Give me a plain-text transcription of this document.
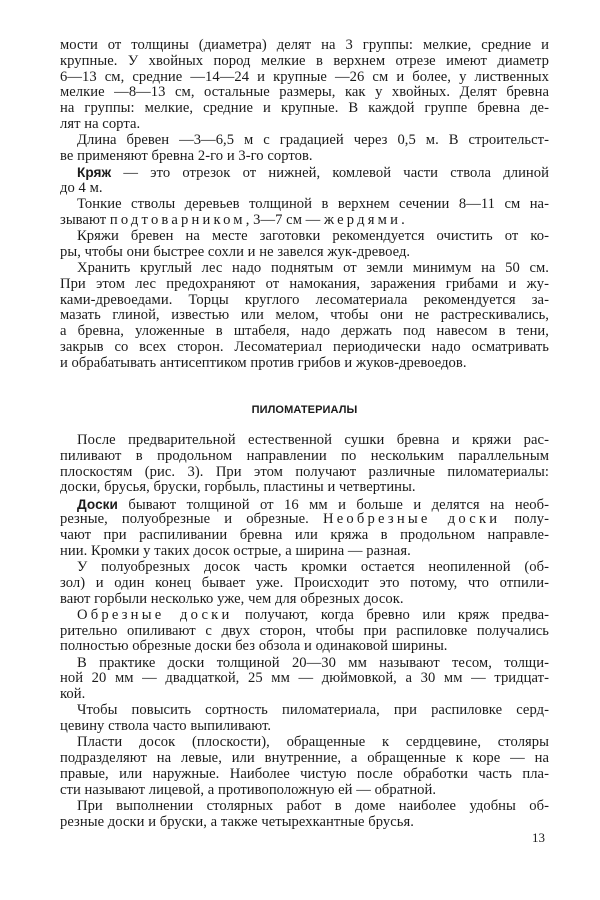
мости от толщины (диаметра) делят на 3 группы: мелкие, средние и
крупные. У хвойных пород мелкие в верхнем отрезе имеют диаметр
6—13 см, средние —14—24 и крупные —26 см и более, у лиственных
мелкие —8—13 см, остальные размеры, как у хвойных. Делят бревна
на группы: мелкие, средние и крупные. В каждой группе бревна де-
лят на сорта.
Длина бревен —3—6,5 м с градацией через 0,5 м. В строительст-
ве применяют бревна 2-го и 3-го сортов.
Кряж — это отрезок от нижней, комлевой части ствола длиной
до 4 м.
Тонкие стволы деревьев толщиной в верхнем сечении 8—11 см на-
зывают подтоварником, 3—7 см — жердями.
Кряжи бревен на месте заготовки рекомендуется очистить от ко-
ры, чтобы они быстрее сохли и не завелся жук-древоед.
Хранить круглый лес надо поднятым от земли минимум на 50 см.
При этом лес предохраняют от намокания, заражения грибами и жу-
ками-древоедами. Торцы круглого лесоматериала рекомендуется за-
мазать глиной, известью или мелом, чтобы они не растрескивались,
а бревна, уложенные в штабеля, надо держать под навесом в тени,
закрыв со всех сторон. Лесоматериал периодически надо осматривать
и обрабатывать антисептиком против грибов и жуков-древоедов.
ПИЛОМАТЕРИАЛЫ
После предварительной естественной сушки бревна и кряжи рас-
пиливают в продольном направлении по нескольким параллельным
плоскостям (рис. 3). При этом получают различные пиломатериалы:
доски, брусья, бруски, горбыль, пластины и четвертины.
Доски бывают толщиной от 16 мм и больше и делятся на необ-
резные, полуобрезные и обрезные. Необрезные доски полу-
чают при распиливании бревна или кряжа в продольном направле-
нии. Кромки у таких досок острые, а ширина — разная.
У полуобрезных досок часть кромки остается неопиленной (об-
зол) и один конец бывает уже. Происходит это потому, что отпили-
вают горбыли несколько уже, чем для обрезных досок.
Обрезные доски получают, когда бревно или кряж предва-
рительно опиливают с двух сторон, чтобы при распиловке получались
полностью обрезные доски без обзола и одинаковой ширины.
В практике доски толщиной 20—30 мм называют тесом, толщи-
ной 20 мм — двадцаткой, 25 мм — дюймовкой, а 30 мм — тридцат-
кой.
Чтобы повысить сортность пиломатериала, при распиловке серд-
цевину ствола часто выпиливают.
Пласти досок (плоскости), обращенные к сердцевине, столяры
подразделяют на левые, или внутренние, а обращенные к коре — на
правые, или наружные. Наиболее чистую после обработки часть пла-
сти называют лицевой, а противоположную ей — обратной.
При выполнении столярных работ в доме наиболее удобны об-
резные доски и бруски, а также четырехкантные брусья.
13
